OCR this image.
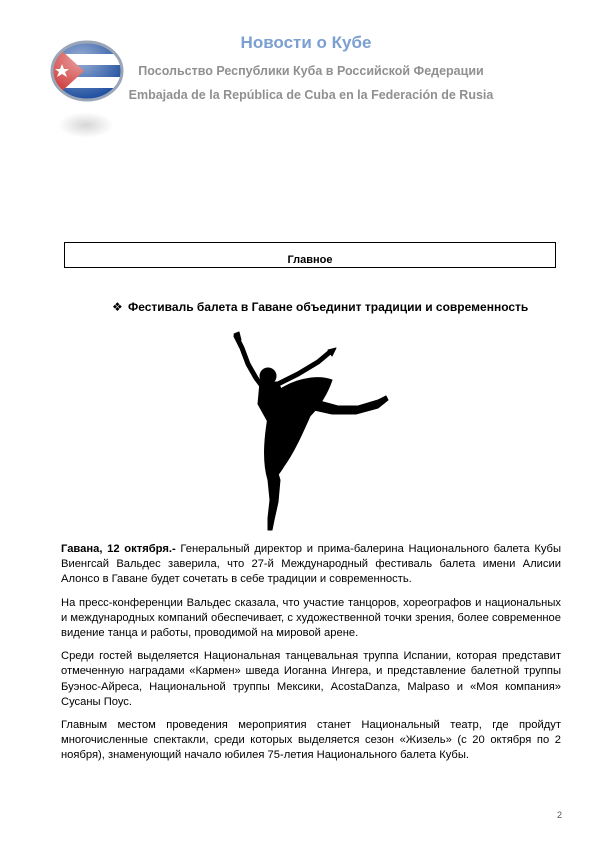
Новости о Кубе
Посольство Республики Куба в Российской Федерации
Embajada de la República de Cuba en la Federación de Rusia
Главное
❖ Фестиваль балета в Гаване объединит традиции и современность

Гавана, 12 октября.- Генеральный директор и прима-балерина Национального балета Кубы Виенгсай Вальдес заверила, что 27-й Международный фестиваль балета имени Алисии Алонсо в Гаване будет сочетать в себе традиции и современность.

На пресс-конференции Вальдес сказала, что участие танцоров, хореографов и национальных и международных компаний обеспечивает, с художественной точки зрения, более современное видение танца и работы, проводимой на мировой арене.

Среди гостей выделяется Национальная танцевальная труппа Испании, которая представит отмеченную наградами «Кармен» шведа Иоганна Ингера, и представление балетной труппы Буэнос-Айреса, Национальной труппы Мексики, AcostaDanza, Malpaso и «Моя компания» Сусаны Поус.

Главным местом проведения мероприятия станет Национальный театр, где пройдут многочисленные спектакли, среди которых выделяется сезон «Жизель» (с 20 октября по 2 ноября), знаменующий начало юбилея 75-летия Национального балета Кубы.

2
